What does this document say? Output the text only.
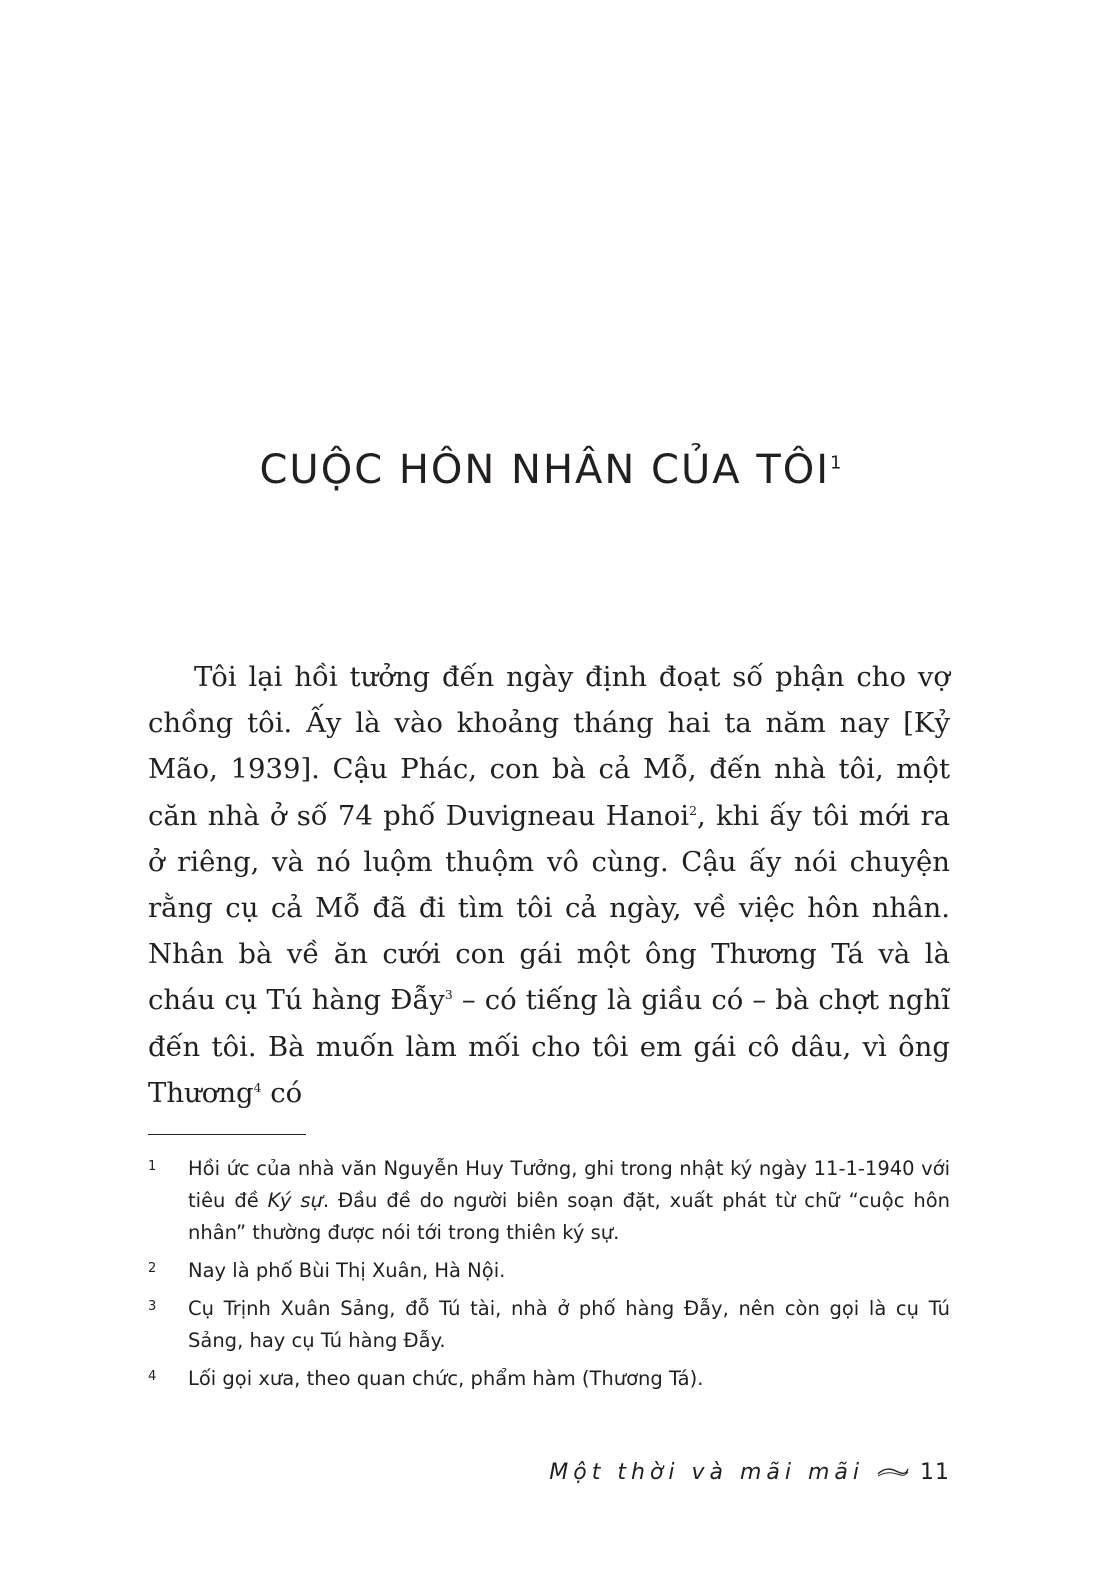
CUỘC HÔN NHÂN CỦA TÔI$^1$

Tôi lại hồi tưởng đến ngày định đoạt số phận cho vợ chồng tôi. Ấy là vào khoảng tháng hai ta năm nay [Kỷ Mão, 1939]. Cậu Phác, con bà cả Mỗ, đến nhà tôi, một căn nhà ở số 74 phố Duvigneau Hanoi$^2$, khi ấy tôi mới ra ở riêng, và nó luộm thuộm vô cùng. Cậu ấy nói chuyện rằng cụ cả Mỗ đã đi tìm tôi cả ngày, về việc hôn nhân. Nhân bà về ăn cưới con gái một ông Thương Tá và là cháu cụ Tú hàng Đẫy$^3$ – có tiếng là giầu có – bà chợt nghĩ đến tôi. Bà muốn làm mối cho tôi em gái cô dâu, vì ông Thương$^4$ có

1 Hồi ức của nhà văn Nguyễn Huy Tưởng, ghi trong nhật ký ngày 11-1-1940 với tiêu đề Ký sự. Đầu đề do người biên soạn đặt, xuất phát từ chữ “cuộc hôn nhân” thường được nói tới trong thiên ký sự.
2 Nay là phố Bùi Thị Xuân, Hà Nội.
3 Cụ Trịnh Xuân Sảng, đỗ Tú tài, nhà ở phố hàng Đẫy, nên còn gọi là cụ Tú Sảng, hay cụ Tú hàng Đẫy.
4 Lối gọi xưa, theo quan chức, phẩm hàm (Thương Tá).
Một thời và mãi mãi	11
